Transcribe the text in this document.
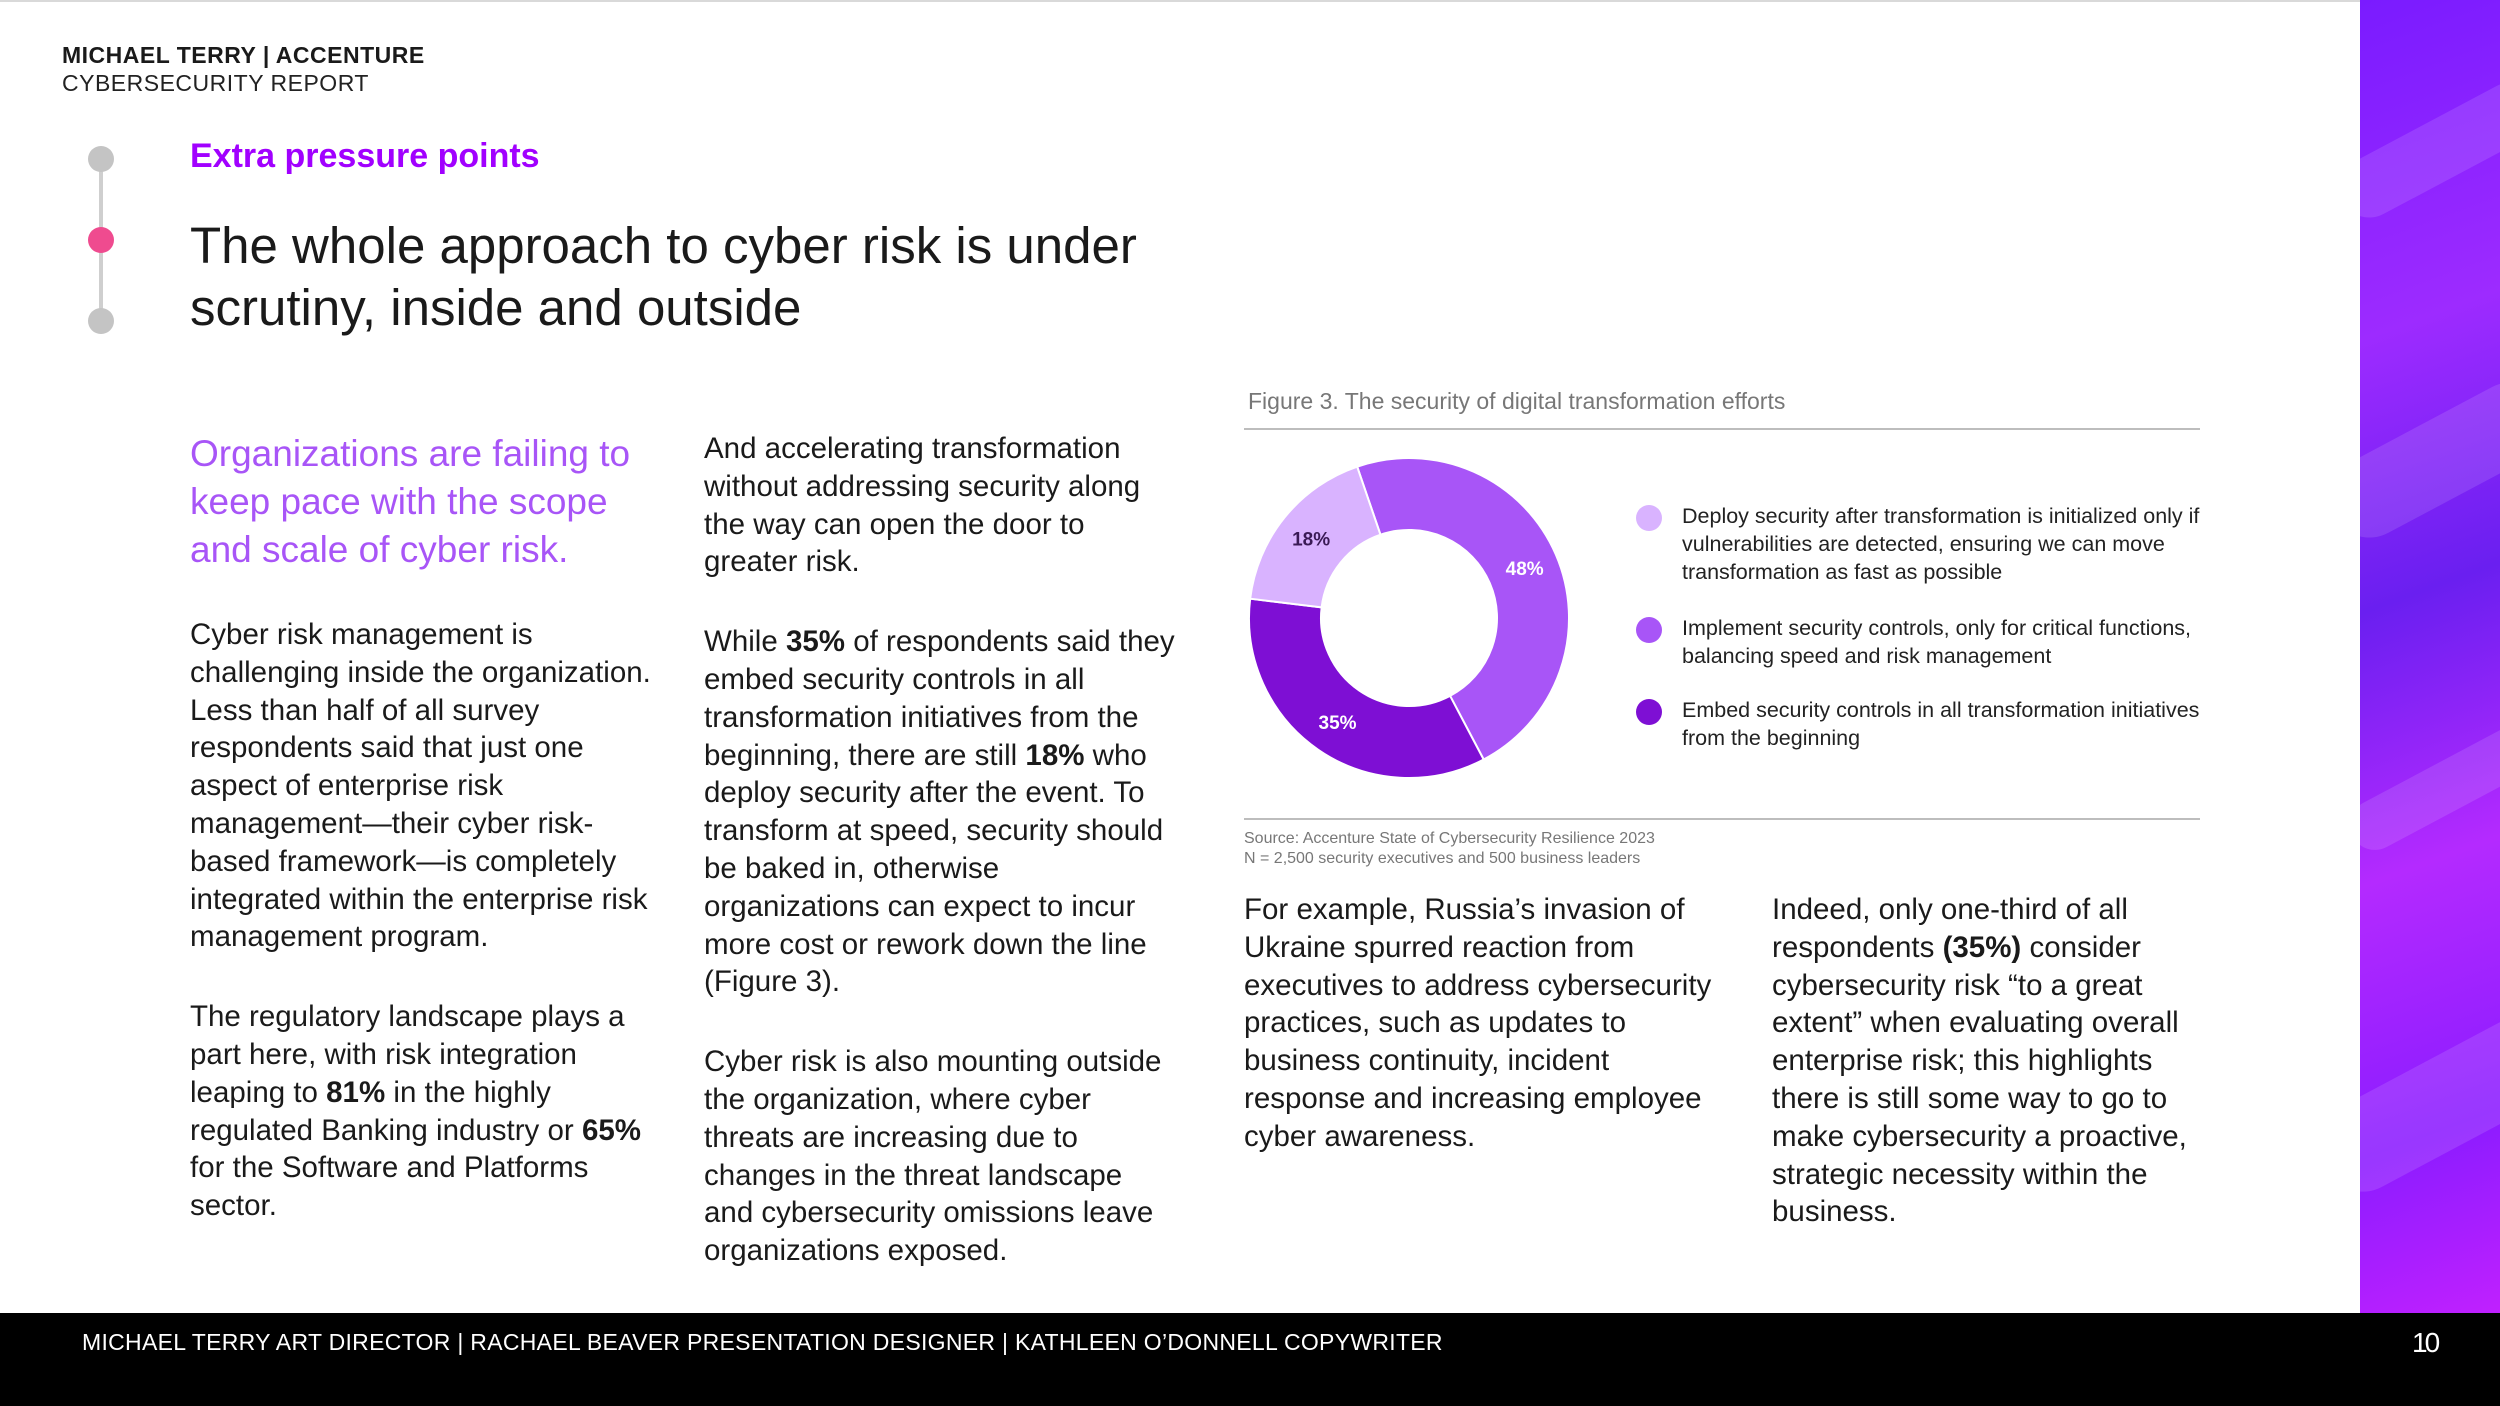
MICHAEL TERRY | ACCENTURE
CYBERSECURITY REPORT
Extra pressure points
The whole approach to cyber risk is under scrutiny, inside and outside
Organizations are failing to keep pace with the scope and scale of cyber risk.

Cyber risk management is challenging inside the organization. Less than half of all survey respondents said that just one aspect of enterprise risk management—their cyber risk-based framework—is completely integrated within the enterprise risk management program.

The regulatory landscape plays a part here, with risk integration leaping to 81% in the highly regulated Banking industry or 65% for the Software and Platforms sector.

And accelerating transformation without addressing security along the way can open the door to greater risk.

While 35% of respondents said they embed security controls in all transformation initiatives from the beginning, there are still 18% who deploy security after the event. To transform at speed, security should be baked in, otherwise organizations can expect to incur more cost or rework down the line (Figure 3).

Cyber risk is also mounting outside the organization, where cyber threats are increasing due to changes in the threat landscape and cybersecurity omissions leave organizations exposed.

Figure 3. The security of digital transformation efforts
48%
35%
18%
Deploy security after transformation is initialized only if vulnerabilities are detected, ensuring we can move transformation as fast as possible
Implement security controls, only for critical functions, balancing speed and risk management
Embed security controls in all transformation initiatives from the beginning
Source: Accenture State of Cybersecurity Resilience 2023
N = 2,500 security executives and 500 business leaders

For example, Russia’s invasion of Ukraine spurred reaction from executives to address cybersecurity practices, such as updates to business continuity, incident response and increasing employee cyber awareness.

Indeed, only one-third of all respondents (35%) consider cybersecurity risk “to a great extent” when evaluating overall enterprise risk; this highlights there is still some way to go to make cybersecurity a proactive, strategic necessity within the business.

MICHAEL TERRY ART DIRECTOR | RACHAEL BEAVER PRESENTATION DESIGNER | KATHLEEN O’DONNELL COPYWRITER	10
